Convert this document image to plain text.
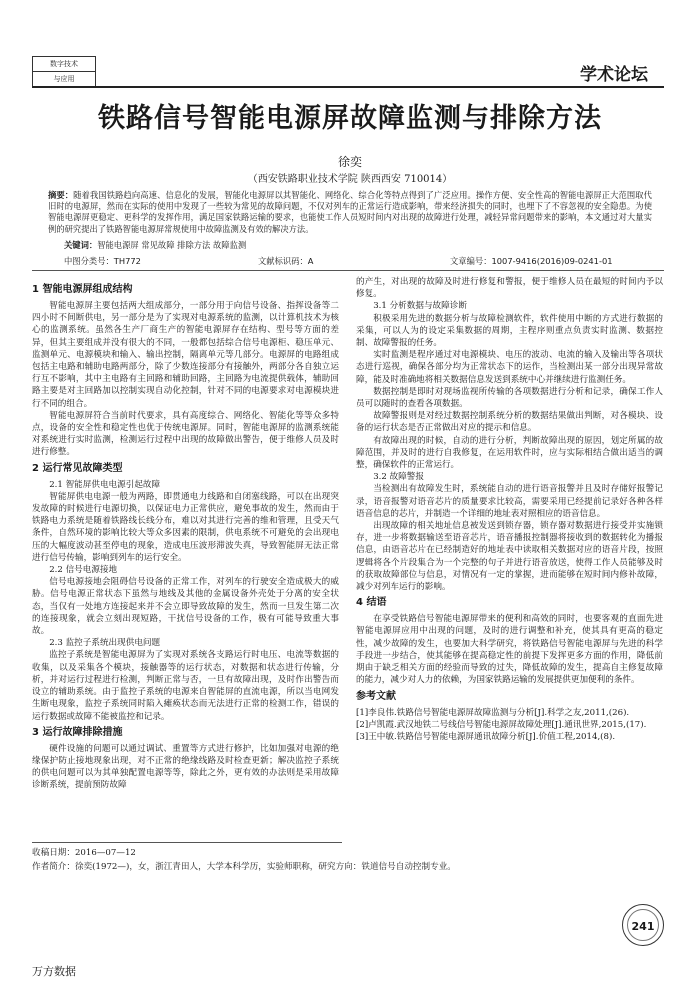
数字技术
与应用	学术论坛
铁路信号智能电源屏故障监测与排除方法
徐奕
（西安铁路职业技术学院 陕西西安 710014）
摘要：随着我国铁路趋向高速、信息化的发展，智能化电源屏以其智能化、网络化、综合化等特点得到了广泛应用。操作方便、安全性高的智能电源屏正大范围取代旧时的电源屏，然而在实际的使用中发现了一些较为常见的故障问题，不仅对列车的正常运行造成影响，带来经济损失的同时，也埋下了不容忽视的安全隐患。为使智能电源屏更稳定、更科学的发挥作用，满足国家铁路运输的要求，也能使工作人员短时间内对出现的故障进行处理，减轻异常问题带来的影响，本文通过对大量实例的研究提出了铁路智能电源屏常规使用中故障监测及有效的解决方法。
关键词：智能电源屏 常见故障 排除方法 故障监测
中图分类号：TH772	文献标识码：A	文章编号：1007-9416(2016)09-0241-01
1 智能电源屏组成结构

智能电源屏主要包括两大组成部分，一部分用于向信号设备、指挥设备等二四小时不间断供电，另一部分是为了实现对电源系统的监测，以计算机技术为核心的监测系统。虽然各生产厂商生产的智能电源屏存在结构、型号等方面的差异，但其主要组成并没有很大的不同，一般都包括综合信号电源柜、稳压单元、监测单元、电源模块和输入、输出控制，隔离单元等几部分。电源屏的电路组成包括主电路和辅助电路两部分，除了少数连接部分有接触外，两部分各自独立运行互不影响，其中主电路有主回路和辅助回路，主回路为电流提供载体，辅助回路主要是对主回路加以控制实现自动化控制，针对不同的电源要求对电源模块进行不同的组合。

智能电源屏符合当前时代要求，具有高度综合、网络化、智能化等等众多特点，设备的安全性和稳定性也优于传统电源屏。同时，智能电源屏的监测系统能对系统进行实时监测，检测运行过程中出现的故障做出警告，便于维修人员及时进行修整。

2 运行常见故障类型
2.1 智能屏供电电源引起故障

智能屏供电电源一般为两路，即贯通电力线路和自闭塞线路，可以在出现突发故障的时候进行电源切换，以保证电力正常供应，避免事故的发生，然而由于铁路电力系统是随着铁路线长线分布，难以对其进行完善的维和管理，且受天气条件，自然环境的影响比较大等众多因素的限制，供电系统不可避免的会出现电压的大幅度波动甚至停电的现象，造成电压波形滞波失真，导致智能屏无法正常进行信号传输，影响到列车的运行安全。

2.2 信号电源接地

信号电源接地会阻碍信号设备的正常工作，对列车的行驶安全造成极大的威胁。信号电源正常状态下虽然与地线及其他的金属设备外壳处于分离的安全状态，当仅有一处地方连接起来并不会立即导致故障的发生，然而一旦发生第二次的连接现象，就会立刻出现短路，干扰信号设备的工作，极有可能导致重大事故。

2.3 监控子系统出现供电问题

监控子系统是智能电源屏为了实现对系统各支路运行时电压、电流等数据的收集，以及采集各个模块，接触器等的运行状态，对数据和状态进行传输，分析，并对运行过程进行检测，判断正常与否，一旦有故障出现，及时作出警告而设立的辅助系统。由于监控子系统的电源来自智能屏的直流电源，所以当电网发生断电现象，监控子系统同时陷入瘫痪状态而无法进行正常的检测工作，错误的运行数据或故障不能被监控和记录。

3 运行故障排除措施

硬件设施的问题可以通过调试、重置等方式进行修护，比如加强对电源的绝缘保护防止接地现象出现，对不正常的绝缘线路及时检查更新；解决监控子系统的供电问题可以为其单独配置电源等等，除此之外，更有效的办法则是采用故障诊断系统，提前预防故障

的产生，对出现的故障及时进行修复和警报，便于维修人员在最短的时间内予以修复。

3.1 分析数据与故障诊断

积极采用先进的数据分析与故障检测软件，软件使用中断的方式进行数据的采集，可以人为的设定采集数据的周期，主程序则重点负责实时监测、数据控制、故障警报的任务。

实时监测是程序通过对电源模块、电压的波动、电流的输入及输出等各项状态进行巡视，确保各部分均为正常状态下的运作，当检测出某一部分出现异常故障，能及时准确地将相关数据信息发送到系统中心并继续进行监测任务。

数据控制是即时对现场监视所传输的各项数据进行分析和记录，确保工作人员可以随时的查看各项数据。

故障警报则是对经过数据控制系统分析的数据结果做出判断，对各模块、设备的运行状态是否正常做出对应的提示和信息。

有故障出现的时候，自动的进行分析，判断故障出现的原因，划定所属的故障范围，并及时的进行自我修复，在运用软件时，应与实际相结合做出适当的调整，确保软件的正常运行。

3.2 故障警报

当检测出有故障发生时，系统能自动的进行语音报警并且及时存储好报警记录，语音报警对语音芯片的质量要求比较高，需要采用已经提前记录好各种各样语音信息的芯片，并制造一个详细的地址表对照相应的语音信息。

出现故障的相关地址信息被发送到锁存器，锁存器对数据进行接受并实施锁存，进一步将数据输送至语音芯片，语音播报控制器将接收到的数据转化为播报信息，由语音芯片在已经制造好的地址表中读取相关数据对应的语音片段，按照逻辑将各个片段集合为一个完整的句子并进行语音放送，使得工作人员能够及时的获取故障部位与信息，对情况有一定的掌握，进而能够在短时间内修补故障，减少对列车运行的影响。

4 结语

在享受铁路信号智能电源屏带来的便利和高效的同时，也要客观的直面先进智能电源屏应用中出现的问题，及时的进行调整和补充，使其具有更高的稳定性，减少故障的发生，也要加大科学研究，将铁路信号智能电源屏与先进的科学手段进一步结合，使其能够在提高稳定性的前提下发挥更多方面的作用，降低前期由于缺乏相关方面的经验而导致的过失，降低故障的发生，提高自主修复故障的能力，减少对人力的依赖，为国家铁路运输的发展提供更加便利的条件。

参考文献

[1]李良伟.铁路信号智能电源屏故障监测与分析[J].科学之友,2011,(26).

[2]卢凯霞.武汉地铁二号线信号智能电源屏故障处理[J].通讯世界,2015,(17).

[3]王中敏.铁路信号智能电源屏通讯故障分析[J].价值工程,2014,(8).

收稿日期：2016—07—12
作者简介：徐奕(1972—)，女，浙江青田人，大学本科学历，实验师职称，研究方向：铁道信号自动控制专业。
241
万方数据
